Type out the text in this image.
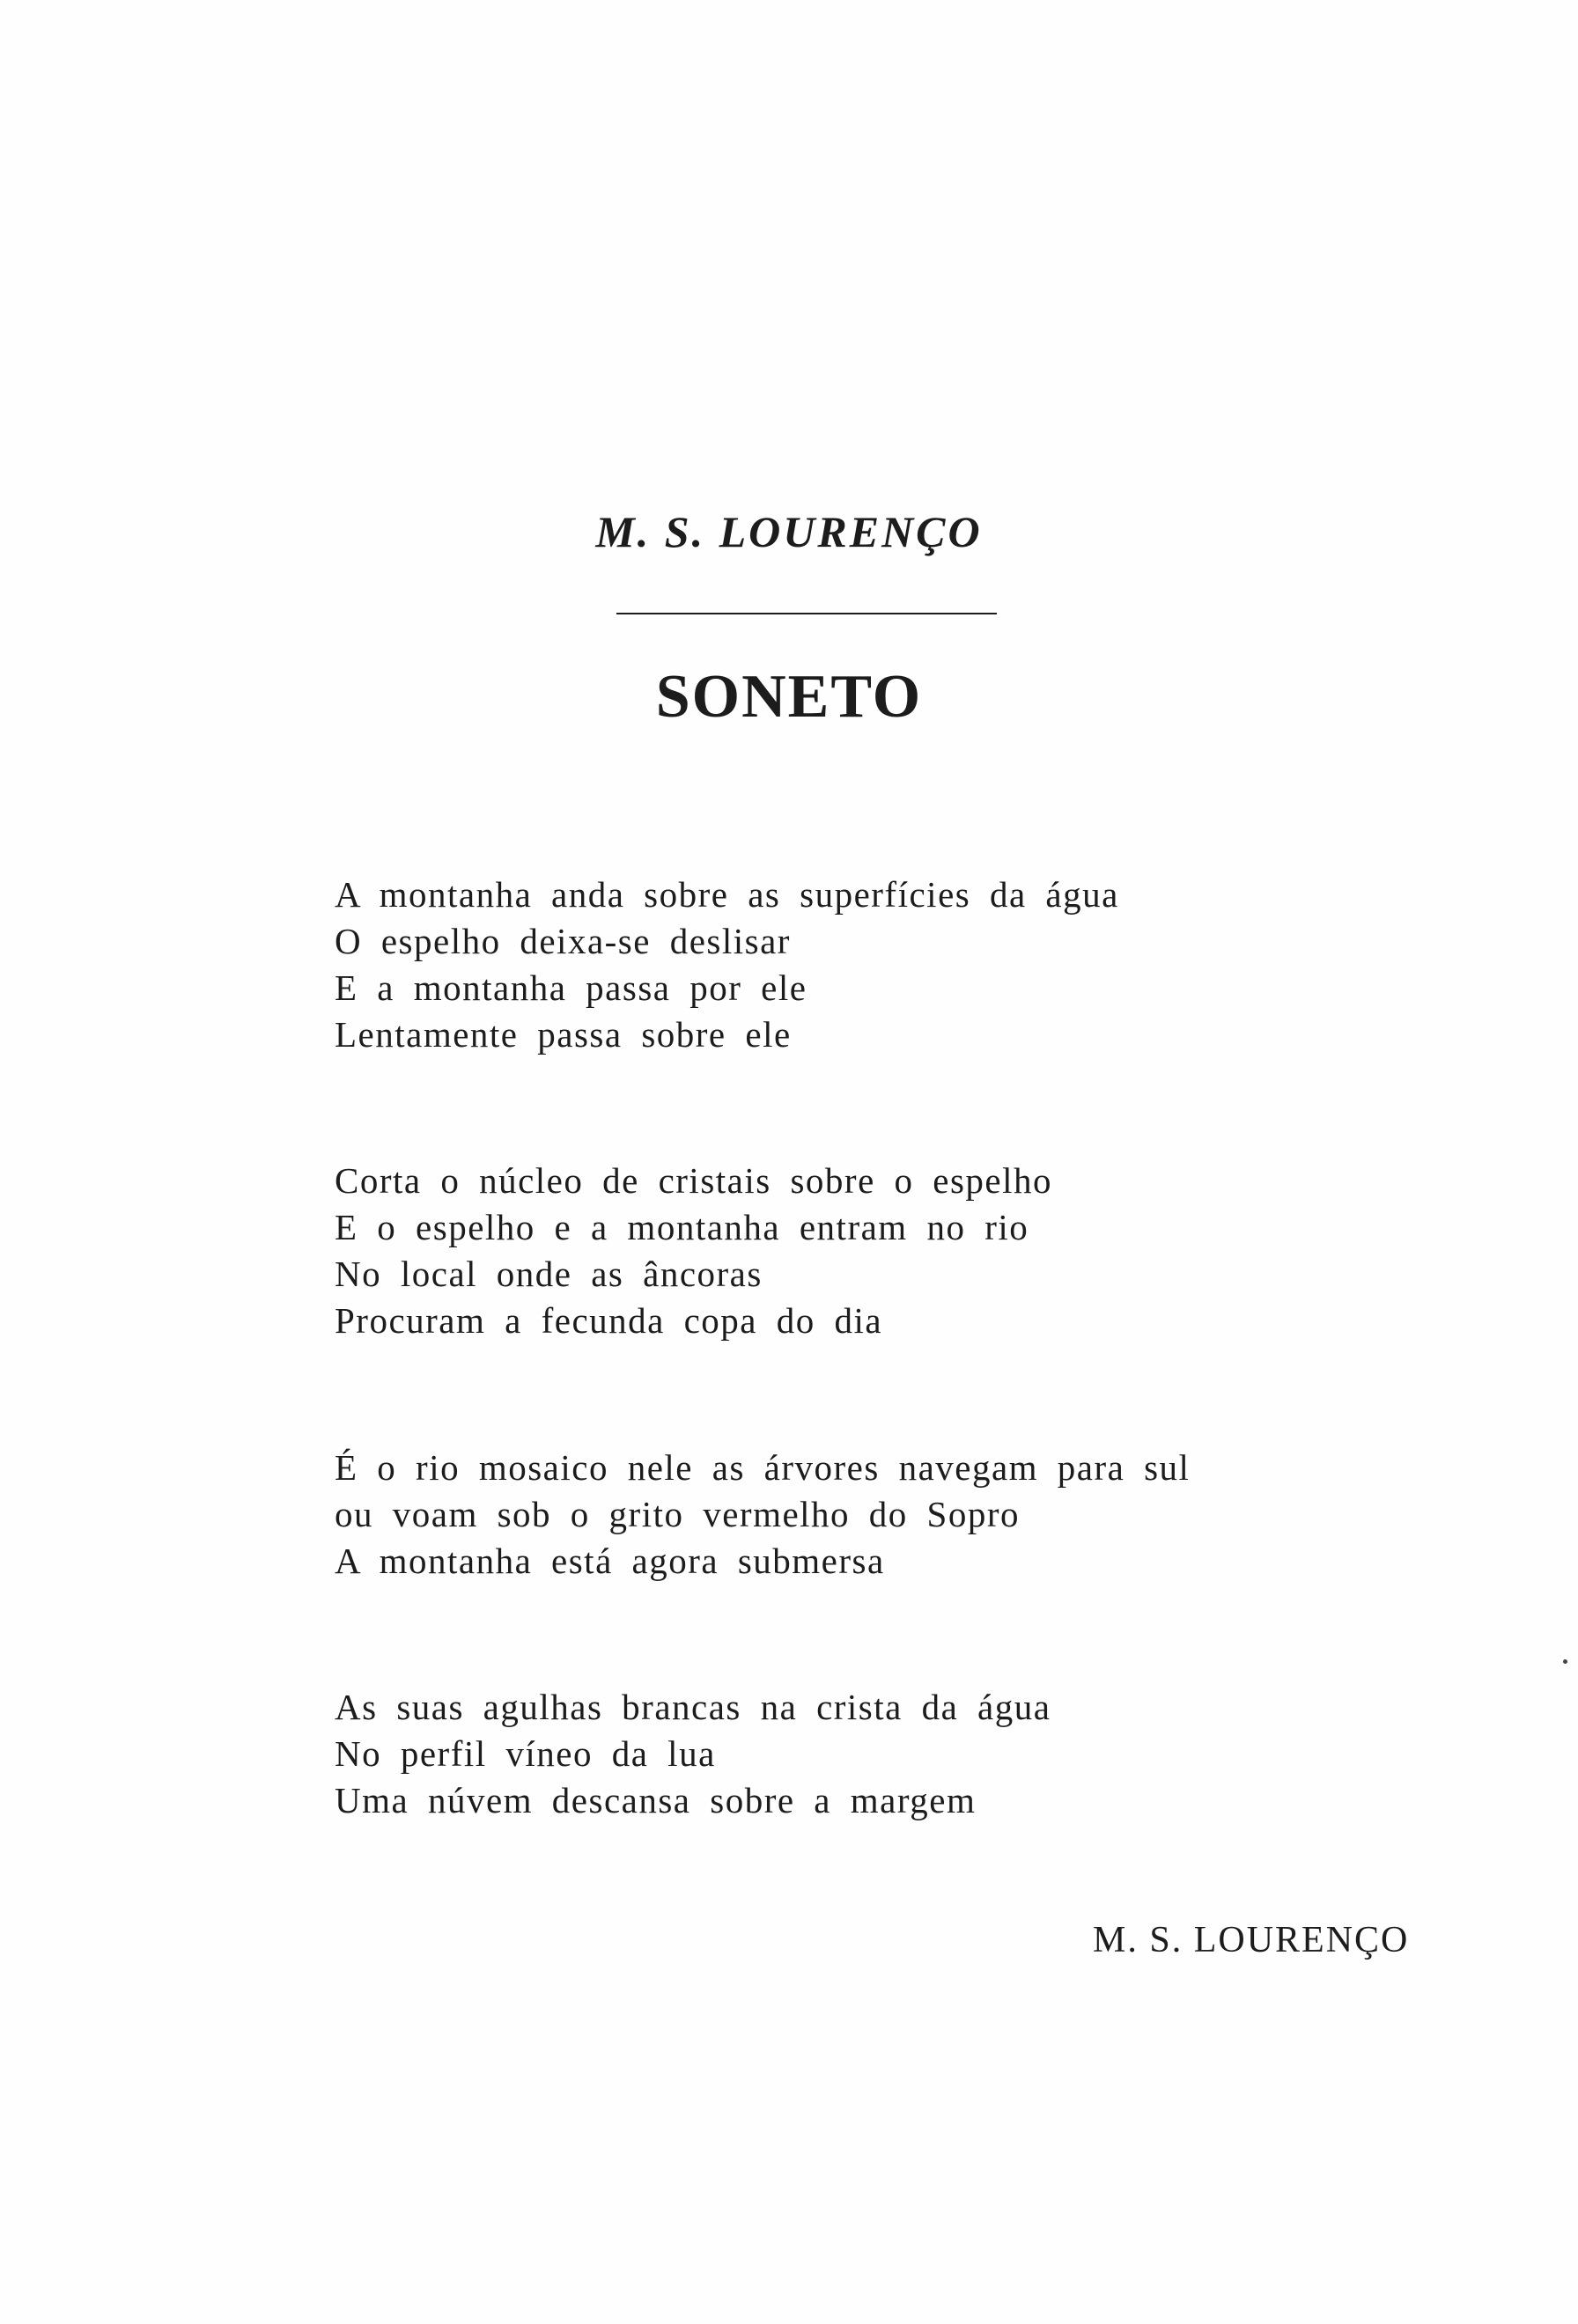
M. S. LOURENÇO
SONETO
A montanha anda sobre as superfícies da água
O espelho deixa-se deslisar
E a montanha passa por ele
Lentamente passa sobre ele
Corta o núcleo de cristais sobre o espelho
E o espelho e a montanha entram no rio
No local onde as âncoras
Procuram a fecunda copa do dia
É o rio mosaico nele as árvores navegam para sul
ou voam sob o grito vermelho do Sopro
A montanha está agora submersa
As suas agulhas brancas na crista da água
No perfil víneo da lua
Uma núvem descansa sobre a margem

M. S. LOURENÇO
